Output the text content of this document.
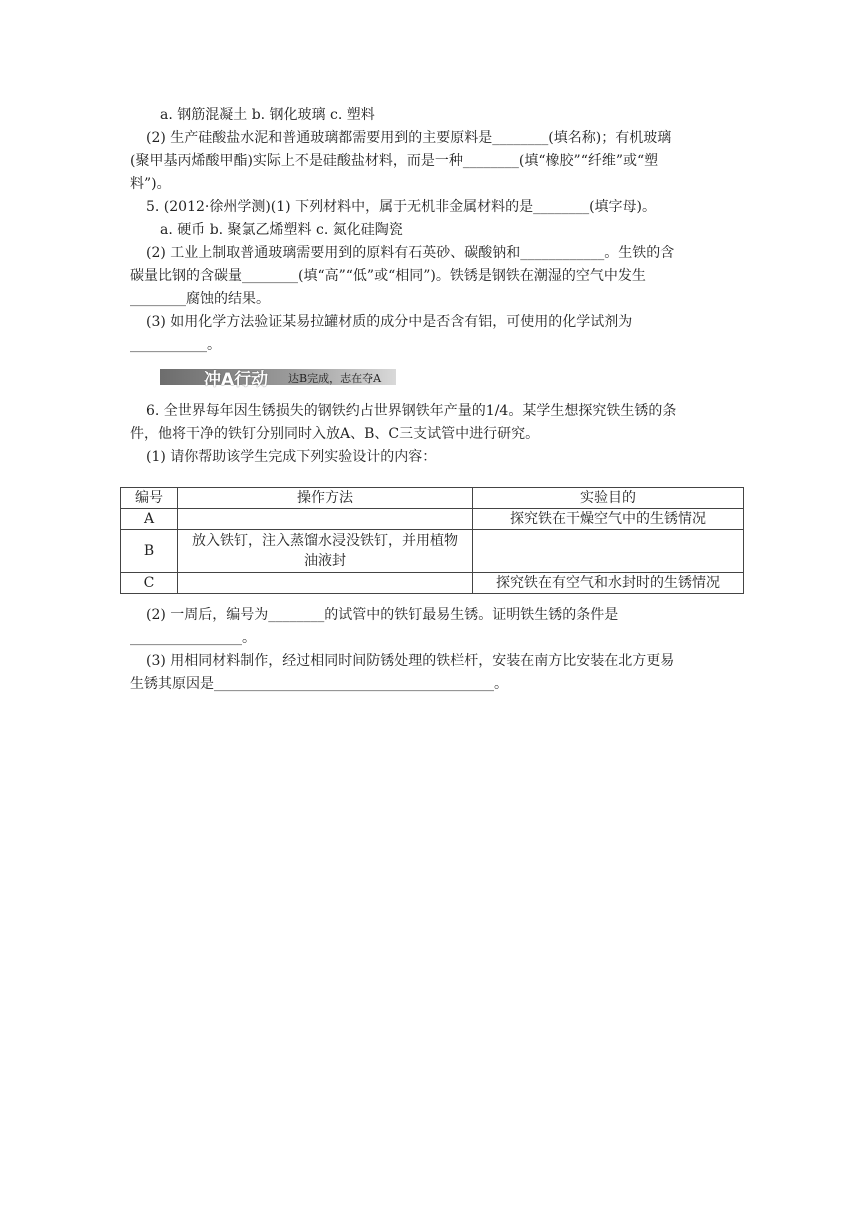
a. 钢筋混凝土 b. 钢化玻璃 c. 塑料
(2) 生产硅酸盐水泥和普通玻璃都需要用到的主要原料是________(填名称)；有机玻璃
(聚甲基丙烯酸甲酯)实际上不是硅酸盐材料，而是一种________(填“橡胶”“纤维”或“塑
料”)。
5. (2012·徐州学测)(1) 下列材料中，属于无机非金属材料的是________(填字母)。
a. 硬币 b. 聚氯乙烯塑料 c. 氮化硅陶瓷
(2) 工业上制取普通玻璃需要用到的原料有石英砂、碳酸钠和____________。生铁的含
碳量比钢的含碳量________(填“高”“低”或“相同”)。铁锈是钢铁在潮湿的空气中发生
________腐蚀的结果。
(3) 如用化学方法验证某易拉罐材质的成分中是否含有铝，可使用的化学试剂为
___________。
冲A行动 达B完成，志在夺A
6. 全世界每年因生锈损失的钢铁约占世界钢铁年产量的1/4。某学生想探究铁生锈的条
件，他将干净的铁钉分别同时入放A、B、C三支试管中进行研究。
(1) 请你帮助该学生完成下列实验设计的内容：
编号	操作方法	实验目的
A		探究铁在干燥空气中的生锈情况
B	放入铁钉，注入蒸馏水浸没铁钉，并用植物油液封	
C		探究铁在有空气和水封时的生锈情况
(2) 一周后，编号为________的试管中的铁钉最易生锈。证明铁生锈的条件是
________________。
(3) 用相同材料制作，经过相同时间防锈处理的铁栏杆，安装在南方比安装在北方更易
生锈其原因是________________________________________。
